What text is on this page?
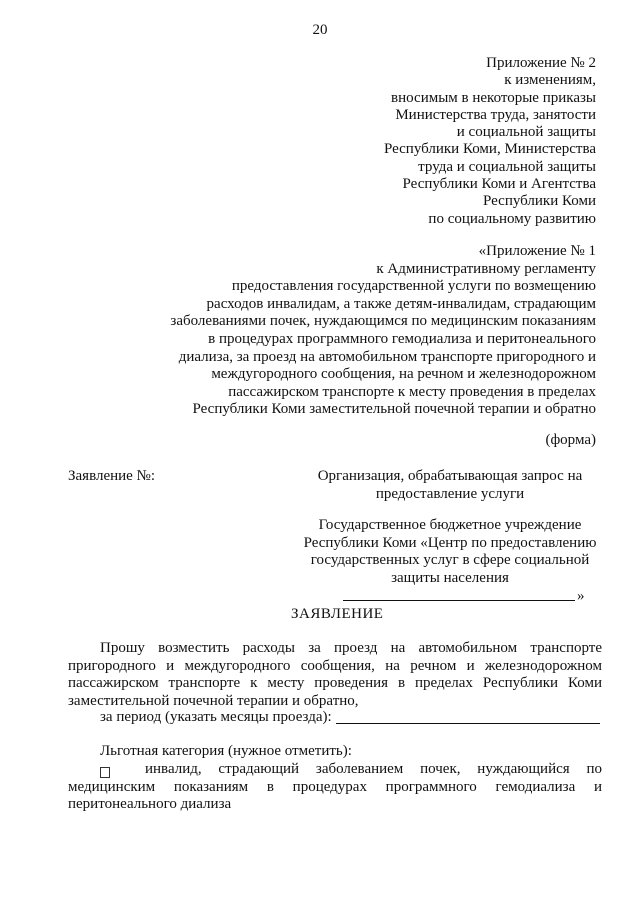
20
Приложение № 2
к изменениям,
вносимым в некоторые приказы
Министерства труда, занятости
и социальной защиты
Республики Коми, Министерства
труда и социальной защиты
Республики Коми и Агентства
Республики Коми
по социальному развитию
«Приложение № 1
к Административному регламенту
предоставления государственной услуги по возмещению
расходов инвалидам, а также детям-инвалидам, страдающим
заболеваниями почек, нуждающимся по медицинским показаниям
в процедурах программного гемодиализа и перитонеального
диализа, за проезд на автомобильном транспорте пригородного и
междугородного сообщения, на речном и железнодорожном
пассажирском транспорте к месту проведения в пределах
Республики Коми заместительной почечной терапии и обратно
(форма)
Заявление №:	Организация, обрабатывающая запрос на
предоставление услуги
Государственное бюджетное учреждение
Республики Коми «Центр по предоставлению
государственных услуг в сфере социальной
защиты населения
»
ЗАЯВЛЕНИЕ
Прошу возместить расходы за проезд на автомобильном транспорте пригородного и междугородного сообщения, на речном и железнодорожном пассажирском транспорте к месту проведения в пределах Республики Коми заместительной почечной терапии и обратно,
за период (указать месяцы проезда):
Льготная категория (нужное отметить):
инвалид, страдающий заболеванием почек, нуждающийся по медицинским показаниям в процедурах программного гемодиализа и перитонеального диализа
